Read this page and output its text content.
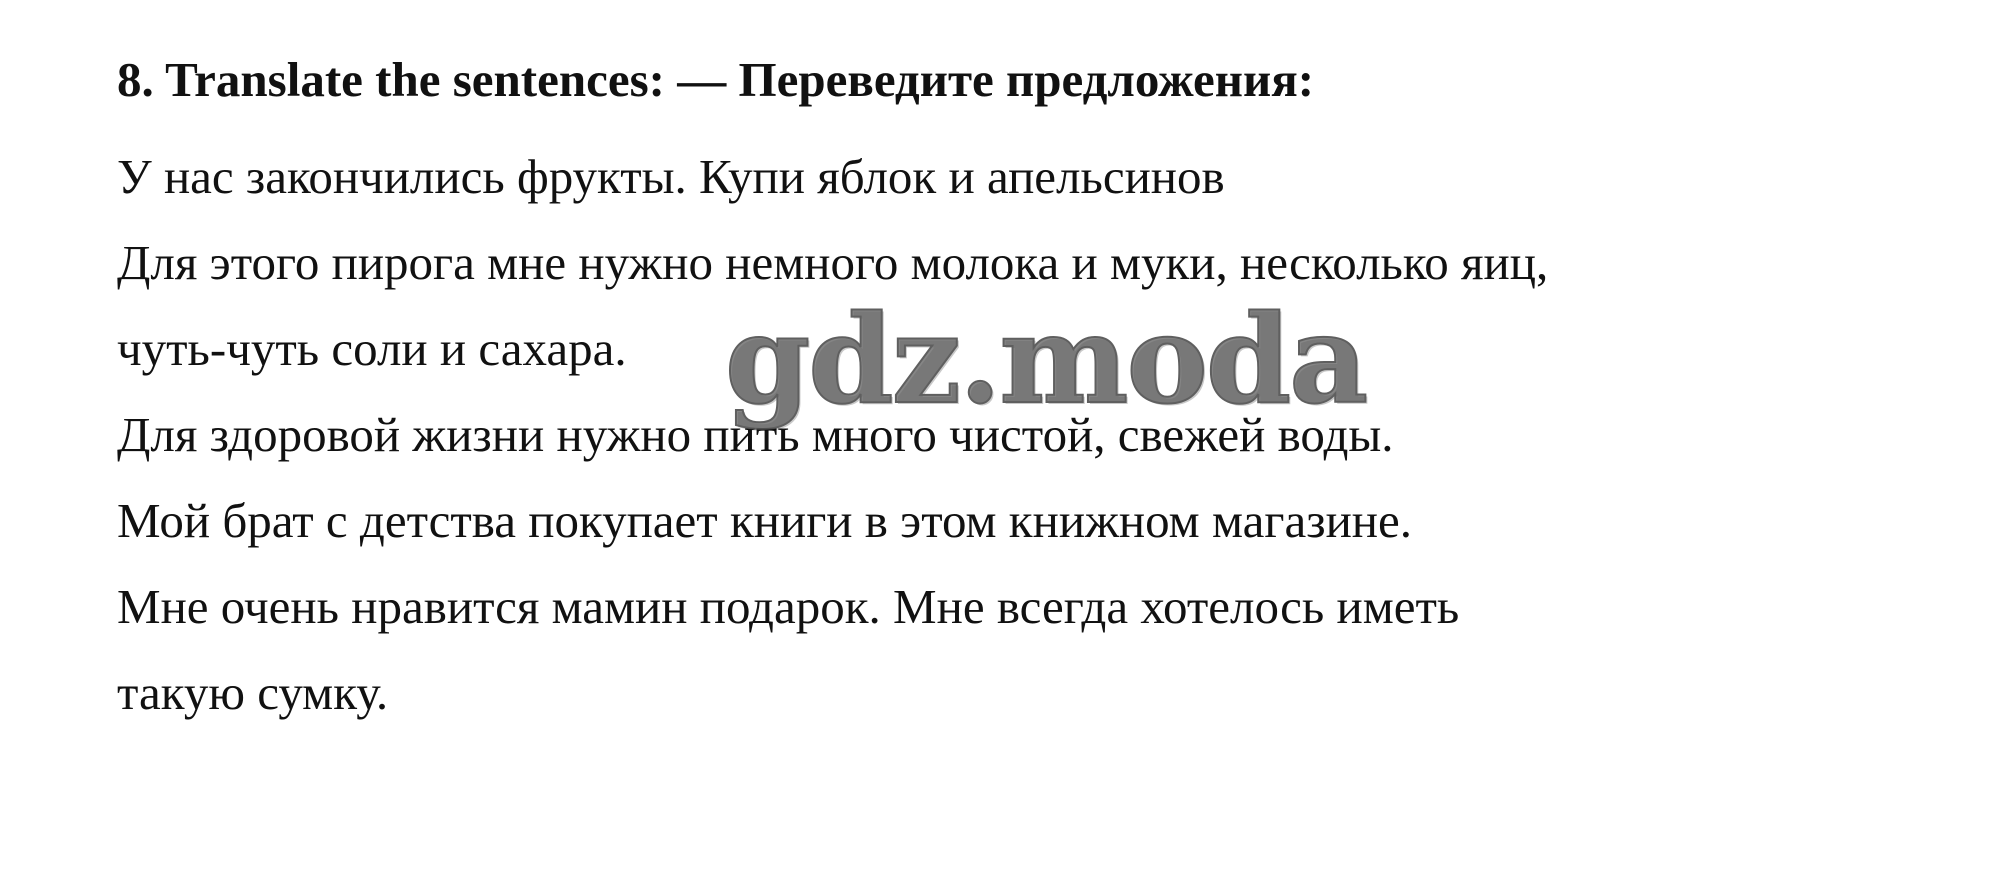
8. Translate the sentences: — Переведите предложения:

У нас закончились фрукты. Купи яблок и апельсинов

Для этого пирога мне нужно немного молока и муки, несколько яиц,

чуть-чуть соли и сахара.

Для здоровой жизни нужно пить много чистой, свежей воды.

Мой брат с детства покупает книги в этом книжном магазине.

Мне очень нравится мамин подарок. Мне всегда хотелось иметь

такую сумку.

gdz.moda
